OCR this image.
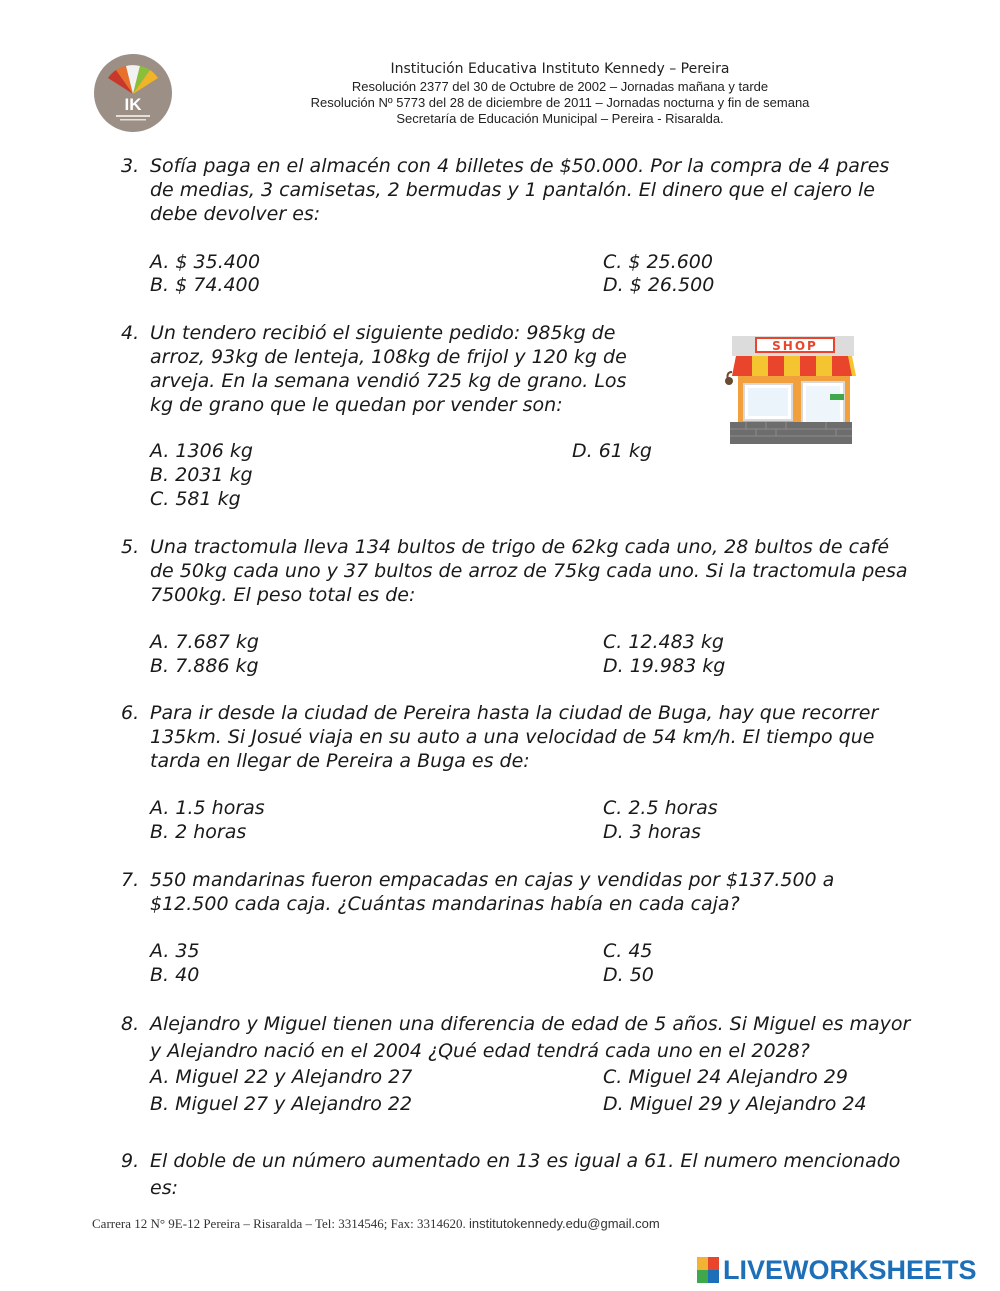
IK
Institución Educativa Instituto Kennedy – Pereira
Resolución 2377 del 30 de Octubre de 2002 – Jornadas mañana y tarde
Resolución Nº 5773 del 28 de diciembre de 2011 – Jornadas nocturna y fin de semana
Secretaría de Educación Municipal – Pereira - Risaralda.
3. Sofía paga en el almacén con 4 billetes de $50.000. Por la compra de 4 pares
de medias, 3 camisetas, 2 bermudas y 1 pantalón. El dinero que el cajero le
debe devolver es:
A. $ 35.400	C. $ 25.600
B. $ 74.400	D. $ 26.500
4. Un tendero recibió el siguiente pedido: 985kg de
arroz, 93kg de lenteja, 108kg de frijol y 120 kg de
arveja. En la semana vendió 725 kg de grano. Los
kg de grano que le quedan por vender son:
A. 1306 kg	D. 61 kg
B. 2031 kg
C. 581 kg
SHOP
5. Una tractomula lleva 134 bultos de trigo de 62kg cada uno, 28 bultos de café
de 50kg cada uno y 37 bultos de arroz de 75kg cada uno. Si la tractomula pesa
7500kg. El peso total es de:
A. 7.687 kg	C. 12.483 kg
B. 7.886 kg	D. 19.983 kg
6. Para ir desde la ciudad de Pereira hasta la ciudad de Buga, hay que recorrer
135km. Si Josué viaja en su auto a una velocidad de 54 km/h. El tiempo que
tarda en llegar de Pereira a Buga es de:
A. 1.5 horas	C. 2.5 horas
B. 2 horas	D. 3 horas
7. 550 mandarinas fueron empacadas en cajas y vendidas por $137.500 a
$12.500 cada caja. ¿Cuántas mandarinas había en cada caja?
A. 35	C. 45
B. 40	D. 50
8. Alejandro y Miguel tienen una diferencia de edad de 5 años. Si Miguel es mayor
y Alejandro nació en el 2004 ¿Qué edad tendrá cada uno en el 2028?
A. Miguel 22 y Alejandro 27	C. Miguel 24 Alejandro 29
B. Miguel 27 y Alejandro 22	D. Miguel 29 y Alejandro 24
9. El doble de un número aumentado en 13 es igual a 61. El numero mencionado
es:
Carrera 12 N° 9E-12 Pereira – Risaralda – Tel: 3314546; Fax: 3314620. institutokennedy.edu@gmail.com
LIVEWORKSHEETS
